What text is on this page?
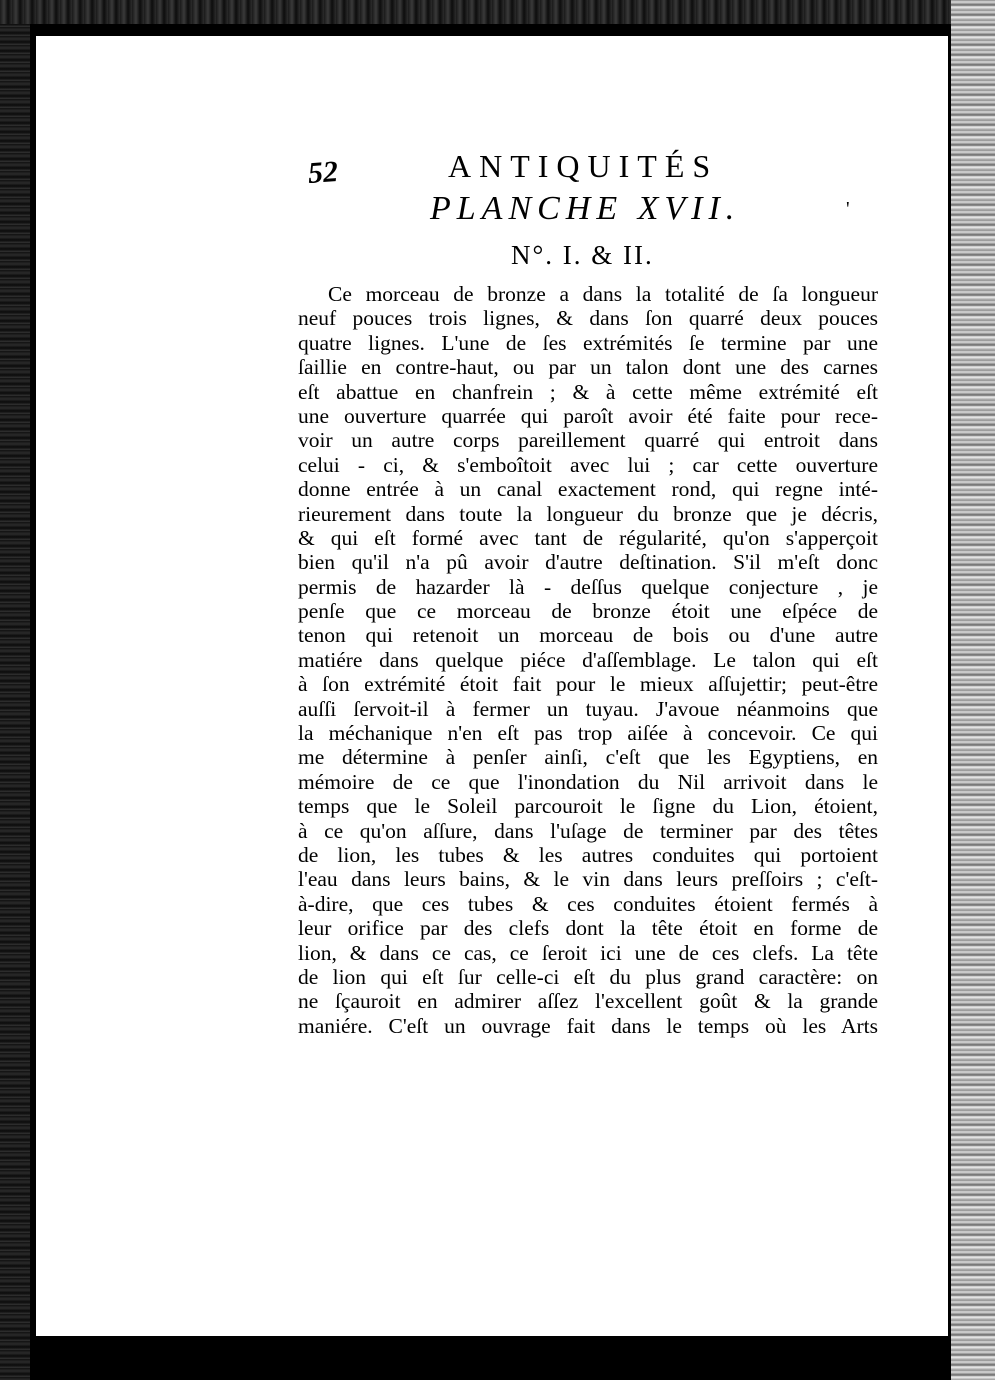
52	ANTIQUITÉS
PLANCHE XVII.
N°. I. & II.
'
Ce morceau de bronze a dans la totalité de ſa longueur
neuf pouces trois lignes, & dans ſon quarré deux pouces
quatre lignes. L'une de ſes extrémités ſe termine par une
ſaillie en contre-haut, ou par un talon dont une des carnes
eſt abattue en chanfrein ; & à cette même extrémité eſt
une ouverture quarrée qui paroît avoir été faite pour rece-
voir un autre corps pareillement quarré qui entroit dans
celui - ci, & s'emboîtoit avec lui ; car cette ouverture
donne entrée à un canal exactement rond, qui regne inté-
rieurement dans toute la longueur du bronze que je décris,
& qui eſt formé avec tant de régularité, qu'on s'apperçoit
bien qu'il n'a pû avoir d'autre deſtination. S'il m'eſt donc
permis de hazarder là - deſſus quelque conjecture , je
penſe que ce morceau de bronze étoit une eſpéce de
tenon qui retenoit un morceau de bois ou d'une autre
matiére dans quelque piéce d'aſſemblage. Le talon qui eſt
à ſon extrémité étoit fait pour le mieux aſſujettir; peut-être
auſſi ſervoit-il à fermer un tuyau. J'avoue néanmoins que
la méchanique n'en eſt pas trop aiſée à concevoir. Ce qui
me détermine à penſer ainſi, c'eſt que les Egyptiens, en
mémoire de ce que l'inondation du Nil arrivoit dans le
temps que le Soleil parcouroit le ſigne du Lion, étoient,
à ce qu'on aſſure, dans l'uſage de terminer par des têtes
de lion, les tubes & les autres conduites qui portoient
l'eau dans leurs bains, & le vin dans leurs preſſoirs ; c'eſt-
à-dire, que ces tubes & ces conduites étoient fermés à
leur orifice par des clefs dont la tête étoit en forme de
lion, & dans ce cas, ce ſeroit ici une de ces clefs. La tête
de lion qui eſt ſur celle-ci eſt du plus grand caractère: on
ne ſçauroit en admirer aſſez l'excellent goût & la grande
maniére. C'eſt un ouvrage fait dans le temps où les Arts
